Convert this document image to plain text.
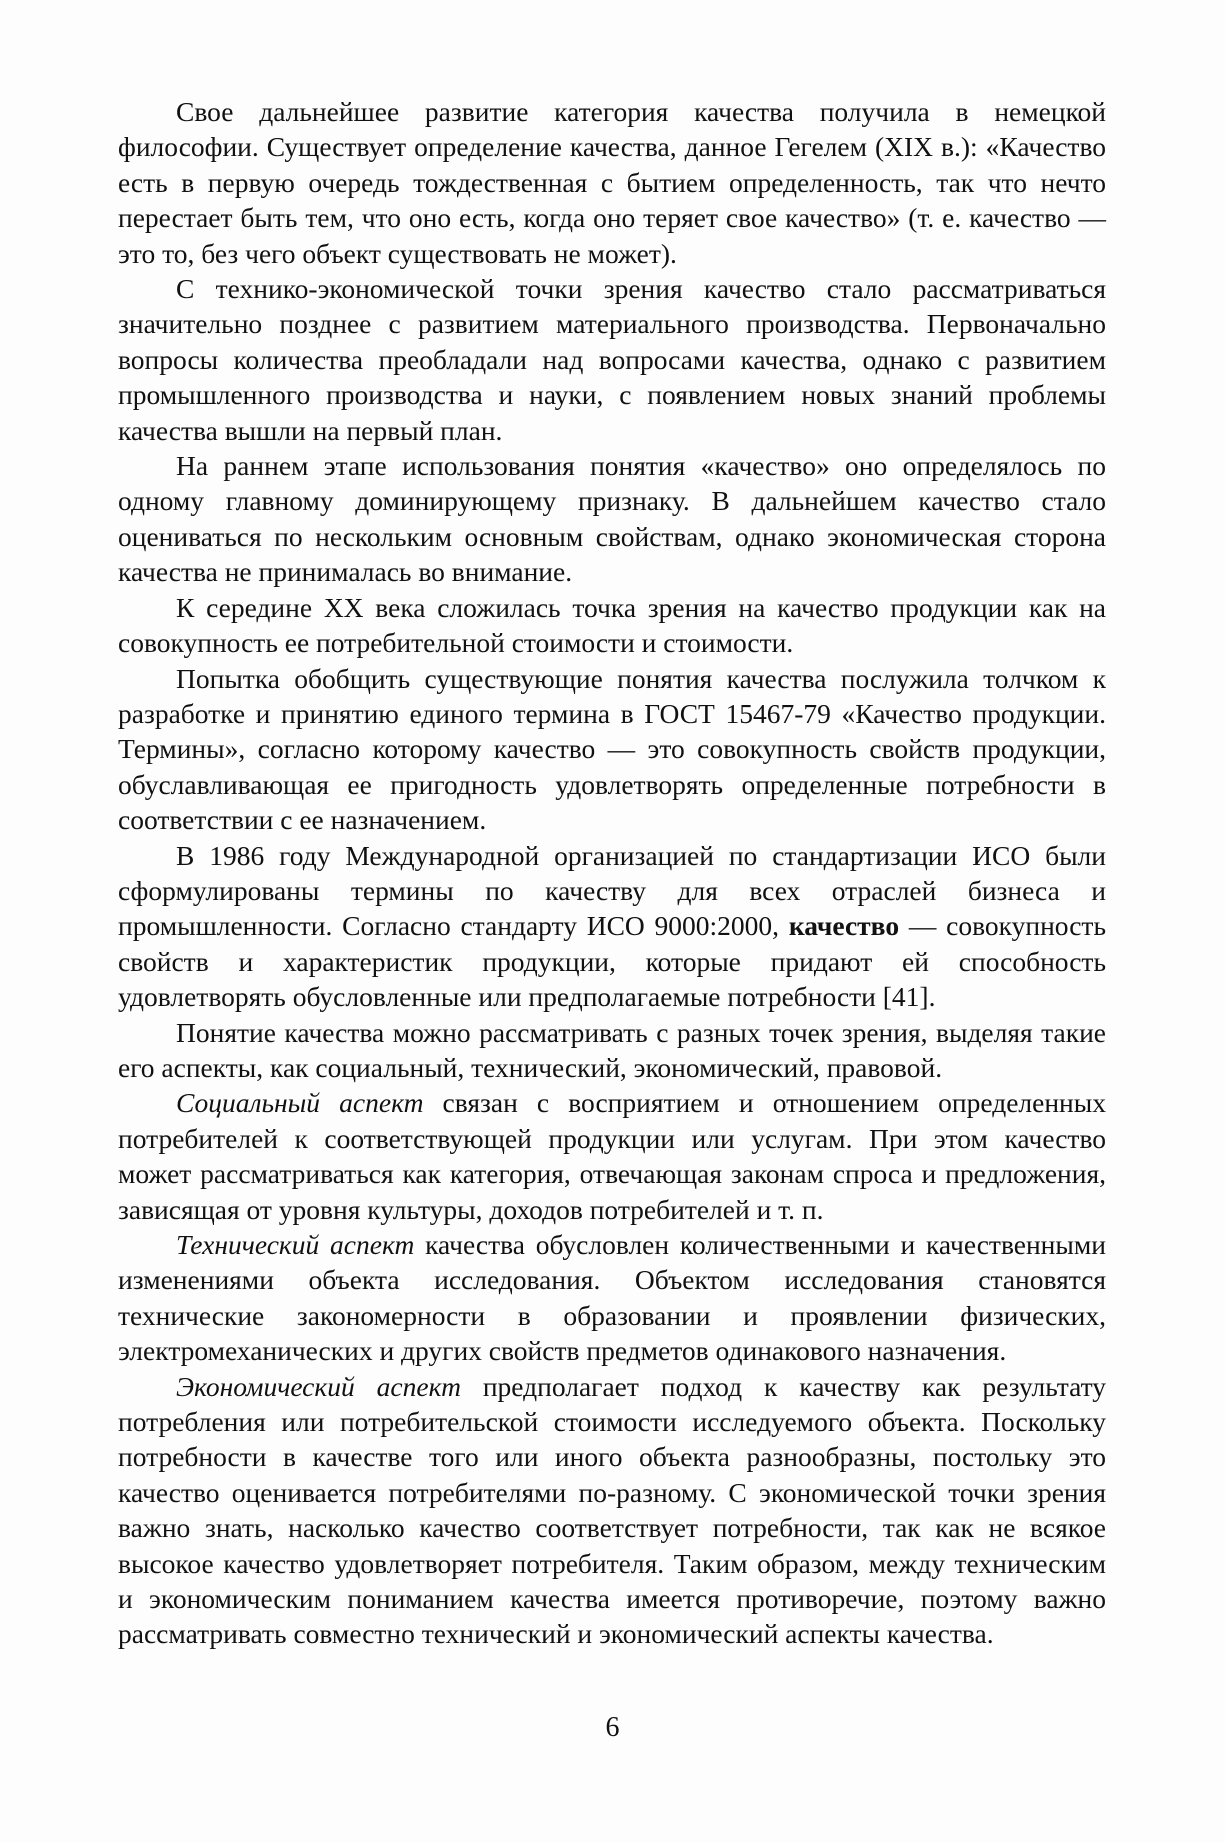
Свое дальнейшее развитие категория качества получила в немецкой философии. Существует определение качества, данное Гегелем (XIX в.): «Качество есть в первую очередь тождественная с бытием определенность, так что нечто перестает быть тем, что оно есть, когда оно теряет свое качество» (т. е. качество — это то, без чего объект существовать не может).

С технико-экономической точки зрения качество стало рассматриваться значительно позднее с развитием материального производства. Первоначально вопросы количества преобладали над вопросами качества, однако с развитием промышленного производства и науки, с появлением новых знаний проблемы качества вышли на первый план.

На раннем этапе использования понятия «качество» оно определялось по одному главному доминирующему признаку. В дальнейшем качество стало оцениваться по нескольким основным свойствам, однако экономическая сторона качества не принималась во внимание.

К середине XX века сложилась точка зрения на качество продукции как на совокупность ее потребительной стоимости и стоимости.

Попытка обобщить существующие понятия качества послужила толчком к разработке и принятию единого термина в ГОСТ 15467-79 «Качество продукции. Термины», согласно которому качество — это совокупность свойств продукции, обуславливающая ее пригодность удовлетворять определенные потребности в соответствии с ее назначением.

В 1986 году Международной организацией по стандартизации ИСО были сформулированы термины по качеству для всех отраслей бизнеса и промышленности. Согласно стандарту ИСО 9000:2000, качество — совокупность свойств и характеристик продукции, которые придают ей способность удовлетворять обусловленные или предполагаемые потребности [41].

Понятие качества можно рассматривать с разных точек зрения, выделяя такие его аспекты, как социальный, технический, экономический, правовой.

Социальный аспект связан с восприятием и отношением определенных потребителей к соответствующей продукции или услугам. При этом качество может рассматриваться как категория, отвечающая законам спроса и предложения, зависящая от уровня культуры, доходов потребителей и т. п.

Технический аспект качества обусловлен количественными и качественными изменениями объекта исследования. Объектом исследования становятся технические закономерности в образовании и проявлении физических, электромеханических и других свойств предметов одинакового назначения.

Экономический аспект предполагает подход к качеству как результату потребления или потребительской стоимости исследуемого объекта. Поскольку потребности в качестве того или иного объекта разнообразны, постольку это качество оценивается потребителями по-разному. С экономической точки зрения важно знать, насколько качество соответствует потребности, так как не всякое высокое качество удовлетворяет потребителя. Таким образом, между техническим и экономическим пониманием качества имеется противоречие, поэтому важно рассматривать совместно технический и экономический аспекты качества.

6
